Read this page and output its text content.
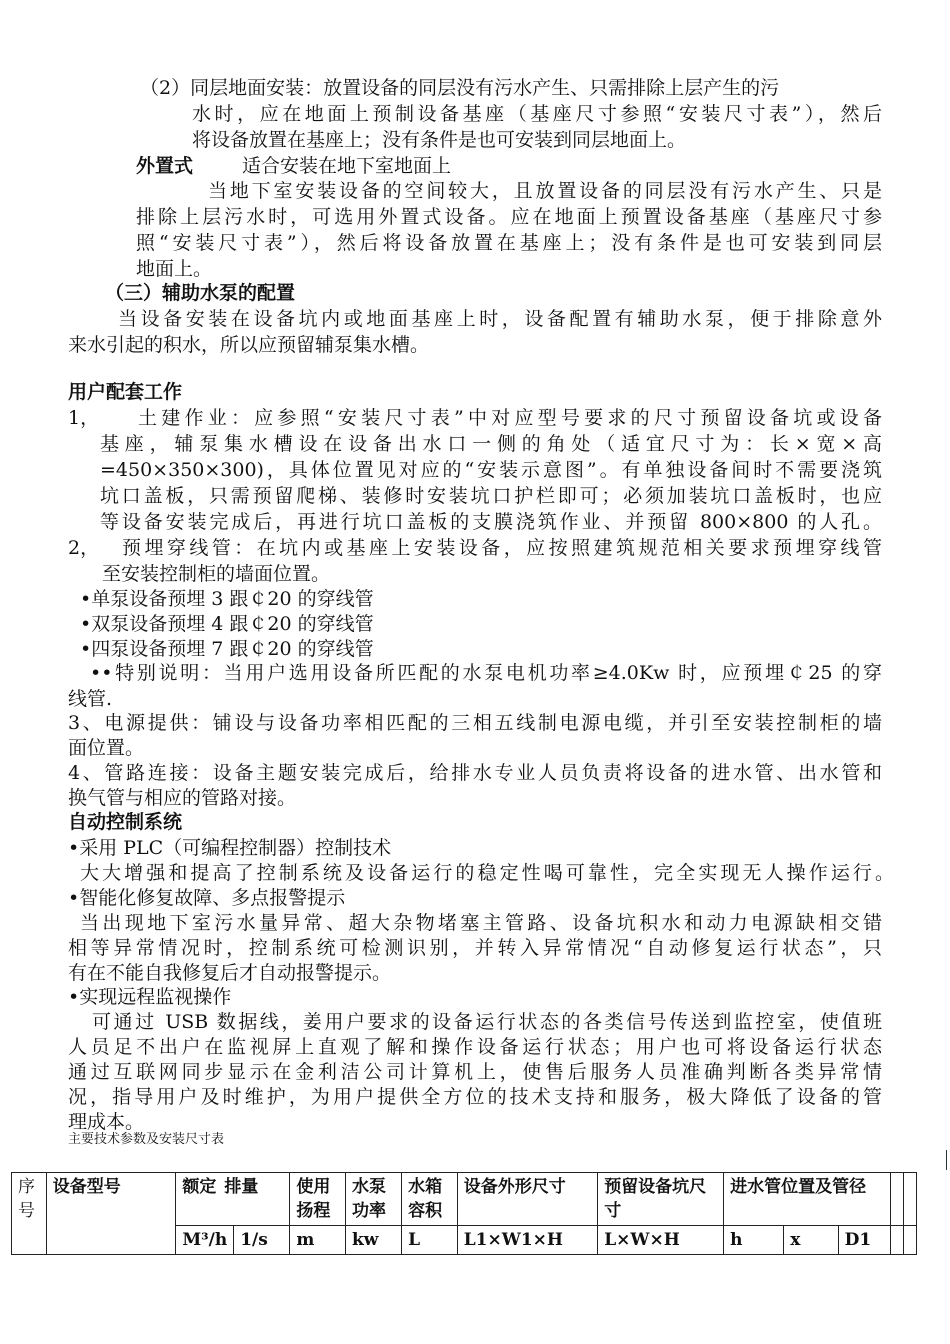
（2）同层地面安装：放置设备的同层没有污水产生、只需排除上层产生的污
水时，应在地面上预制设备基座（基座尺寸参照“安装尺寸表”），然后
将设备放置在基座上；没有条件是也可安装到同层地面上。
外置式	适合安装在地下室地面上
当地下室安装设备的空间较大，且放置设备的同层没有污水产生、只是
排除上层污水时，可选用外置式设备。应在地面上预置设备基座（基座尺寸参
照“安装尺寸表”），然后将设备放置在基座上；没有条件是也可安装到同层
地面上。
（三）辅助水泵的配置
当设备安装在设备坑内或地面基座上时，设备配置有辅助水泵，便于排除意外
来水引起的积水，所以应预留辅泵集水槽。
用户配套工作
1， 土建作业：应参照“安装尺寸表”中对应型号要求的尺寸预留设备坑或设备
基座，辅泵集水槽设在设备出水口一侧的角处（适宜尺寸为：长×宽×高
=450×350×300)，具体位置见对应的“安装示意图”。有单独设备间时不需要浇筑
坑口盖板，只需预留爬梯、装修时安装坑口护栏即可；必须加装坑口盖板时，也应
等设备安装完成后，再进行坑口盖板的支膜浇筑作业、并预留 800×800 的人孔。
2， 预埋穿线管：在坑内或基座上安装设备，应按照建筑规范相关要求预埋穿线管
至安装控制柜的墙面位置。
•单泵设备预埋 3 跟￠20 的穿线管
•双泵设备预埋 4 跟￠20 的穿线管
•四泵设备预埋 7 跟￠20 的穿线管
••特别说明：当用户选用设备所匹配的水泵电机功率≥4.0Kw 时，应预埋￠25 的穿
线管.
3、电源提供：铺设与设备功率相匹配的三相五线制电源电缆，并引至安装控制柜的墙
面位置。
4、管路连接：设备主题安装完成后，给排水专业人员负责将设备的进水管、出水管和
换气管与相应的管路对接。
自动控制系统
•采用 PLC（可编程控制器）控制技术
大大增强和提高了控制系统及设备运行的稳定性喝可靠性，完全实现无人操作运行。
•智能化修复故障、多点报警提示
当出现地下室污水量异常、超大杂物堵塞主管路、设备坑积水和动力电源缺相交错
相等异常情况时，控制系统可检测识别，并转入异常情况“自动修复运行状态”，只
有在不能自我修复后才自动报警提示。
•实现远程监视操作
可通过 USB 数据线，姜用户要求的设备运行状态的各类信号传送到监控室，使值班
人员足不出户在监视屏上直观了解和操作设备运行状态；用户也可将设备运行状态
通过互联网同步显示在金利洁公司计算机上，使售后服务人员准确判断各类异常情
况，指导用户及时维护，为用户提供全方位的技术支持和服务，极大降低了设备的管
理成本。
主要技术参数及安装尺寸表
序号	设备型号	额定 排量		使用扬程	水泵功率	水箱容积	设备外形尺寸	预留设备坑尺寸	进水管位置及管径				
		M³/h	1/s	m	kw	L	L1×W1×H	L×W×H	h	x	D1		
